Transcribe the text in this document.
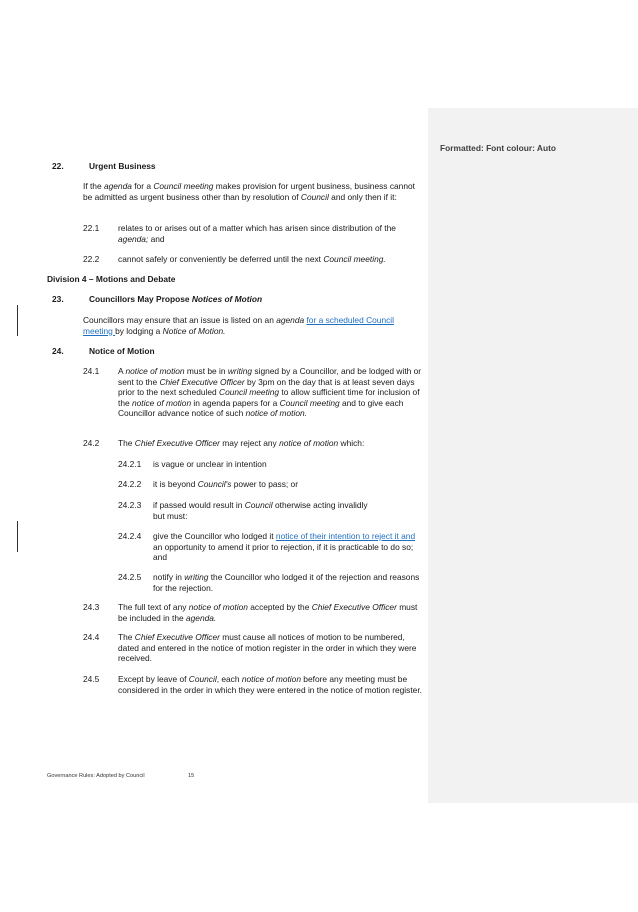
Formatted: Font colour: Auto
22.	Urgent Business
If the agenda for a Council meeting makes provision for urgent business, business cannot be admitted as urgent business other than by resolution of Council and only then if it:
22.1 relates to or arises out of a matter which has arisen since distribution of the agenda; and
22.2 cannot safely or conveniently be deferred until the next Council meeting.
Division 4 – Motions and Debate
23.	Councillors May Propose Notices of Motion
Councillors may ensure that an issue is listed on an agenda for a scheduled Council meeting by lodging a Notice of Motion.
24.	Notice of Motion
24.1 A notice of motion must be in writing signed by a Councillor, and be lodged with or sent to the Chief Executive Officer by 3pm on the day that is at least seven days prior to the next scheduled Council meeting to allow sufficient time for inclusion of the notice of motion in agenda papers for a Council meeting and to give each Councillor advance notice of such notice of motion.
24.2 The Chief Executive Officer may reject any notice of motion which:
24.2.1 is vague or unclear in intention
24.2.2 it is beyond Council's power to pass; or
24.2.3 if passed would result in Council otherwise acting invalidly
but must:
24.2.4 give the Councillor who lodged it notice of their intention to reject it and an opportunity to amend it prior to rejection, if it is practicable to do so; and
24.2.5 notify in writing the Councillor who lodged it of the rejection and reasons for the rejection.
24.3 The full text of any notice of motion accepted by the Chief Executive Officer must be included in the agenda.
24.4 The Chief Executive Officer must cause all notices of motion to be numbered, dated and entered in the notice of motion register in the order in which they were received.
24.5 Except by leave of Council, each notice of motion before any meeting must be considered in the order in which they were entered in the notice of motion register.
Governance Rules: Adopted by Council	15
